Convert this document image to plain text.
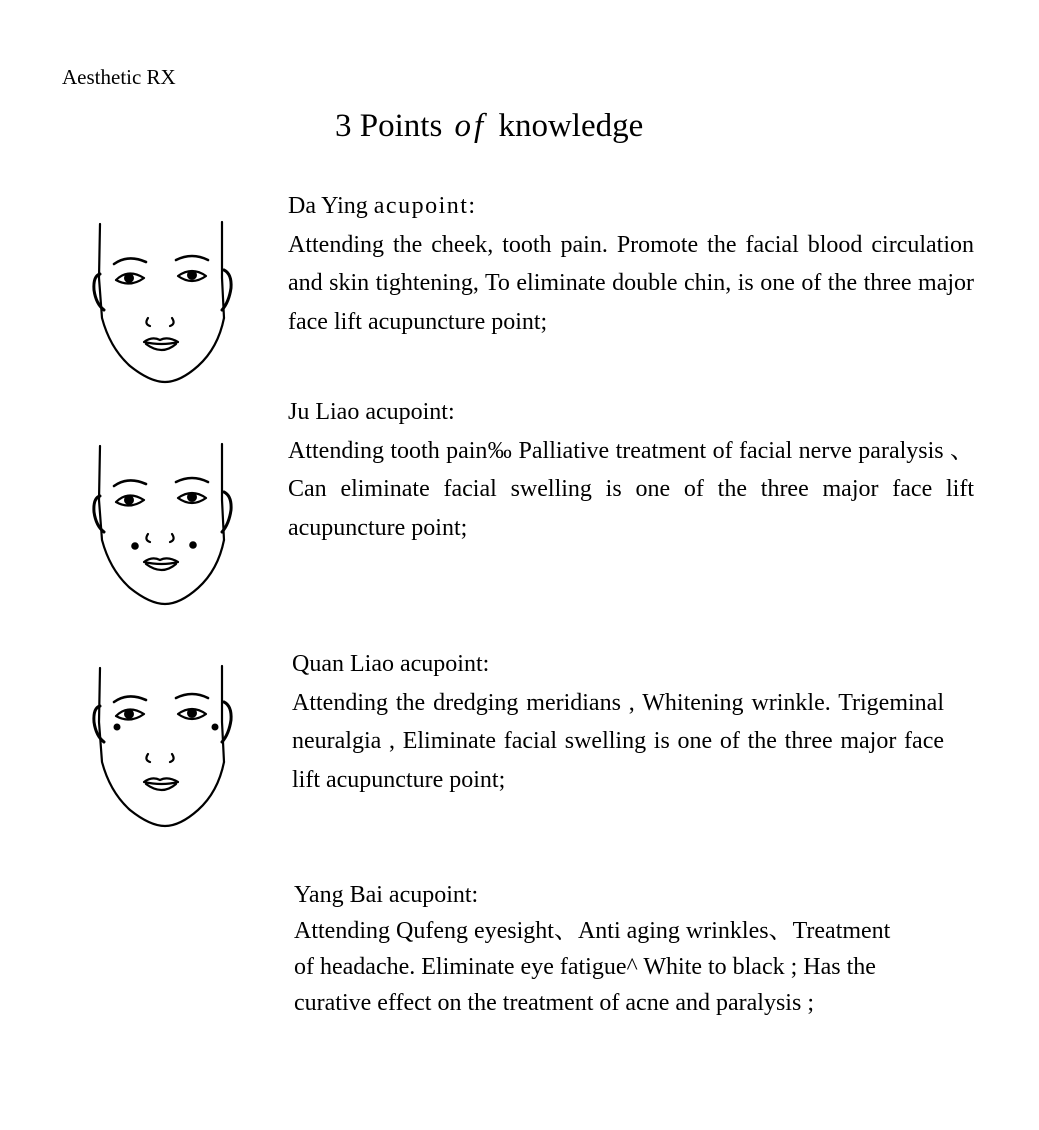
Aesthetic RX
3 Points of knowledge
Da Ying acupoint:
Attending the cheek, tooth pain. Promote the facial blood circulation and skin tightening, To eliminate double chin, is one of the three major face lift acupuncture point;
Ju Liao acupoint:
Attending tooth pain‰ Palliative treatment of facial nerve paralysis 、 Can eliminate facial swelling is one of the three major face lift acupuncture point;
Quan Liao acupoint:
Attending the dredging meridians , Whitening wrinkle. Trigeminal neuralgia , Eliminate facial swelling is one of the three major face lift acupuncture point;
Yang Bai acupoint:
Attending Qufeng eyesight、Anti aging wrinkles、Treatment
of headache. Eliminate eye fatigue^ White to black ; Has the
curative effect on the treatment of acne and paralysis ;
